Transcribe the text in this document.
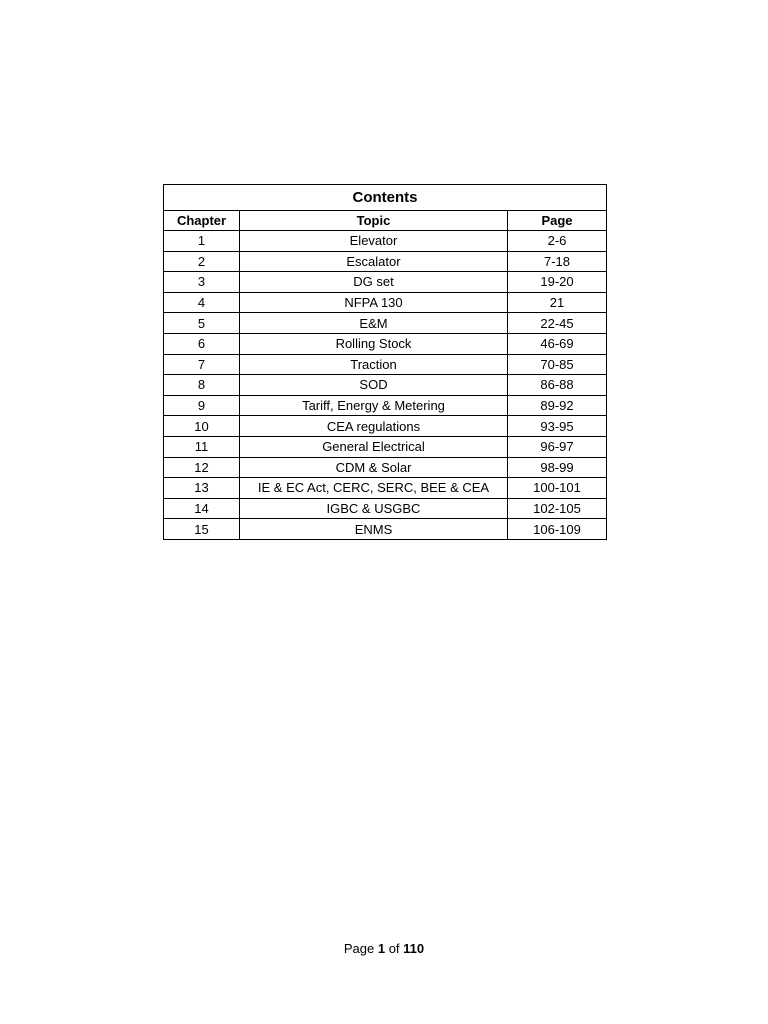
Contents		
Chapter	Topic	Page
1	Elevator	2-6
2	Escalator	7-18
3	DG set	19-20
4	NFPA 130	21
5	E&M	22-45
6	Rolling Stock	46-69
7	Traction	70-85
8	SOD	86-88
9	Tariff, Energy & Metering	89-92
10	CEA regulations	93-95
11	General Electrical	96-97
12	CDM & Solar	98-99
13	IE & EC Act, CERC, SERC, BEE & CEA	100-101
14	IGBC & USGBC	102-105
15	ENMS	106-109
Page 1 of 110
